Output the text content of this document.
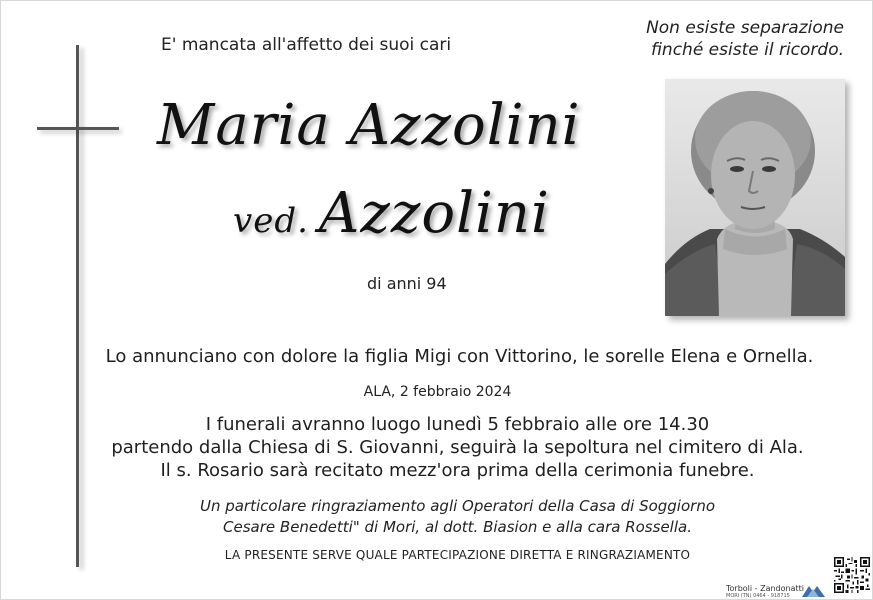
E' mancata all'affetto dei suoi cari
Non esiste separazione
finché esiste il ricordo.
Maria Azzolini
ved. Azzolini
di anni 94
Lo annunciano con dolore la figlia Migi con Vittorino, le sorelle Elena e Ornella.
ALA, 2 febbraio 2024
I funerali avranno luogo lunedì 5 febbraio alle ore 14.30
partendo dalla Chiesa di S. Giovanni, seguirà la sepoltura nel cimitero di Ala.
Il s. Rosario sarà recitato mezz'ora prima della cerimonia funebre.
Un particolare ringraziamento agli Operatori della Casa di Soggiorno
Cesare Benedetti" di Mori, al dott. Biasion e alla cara Rossella.
LA PRESENTE SERVE QUALE PARTECIPAZIONE DIRETTA E RINGRAZIAMENTO
Torboli - Zandonatti
MORI (TN) 0464 - 918715
